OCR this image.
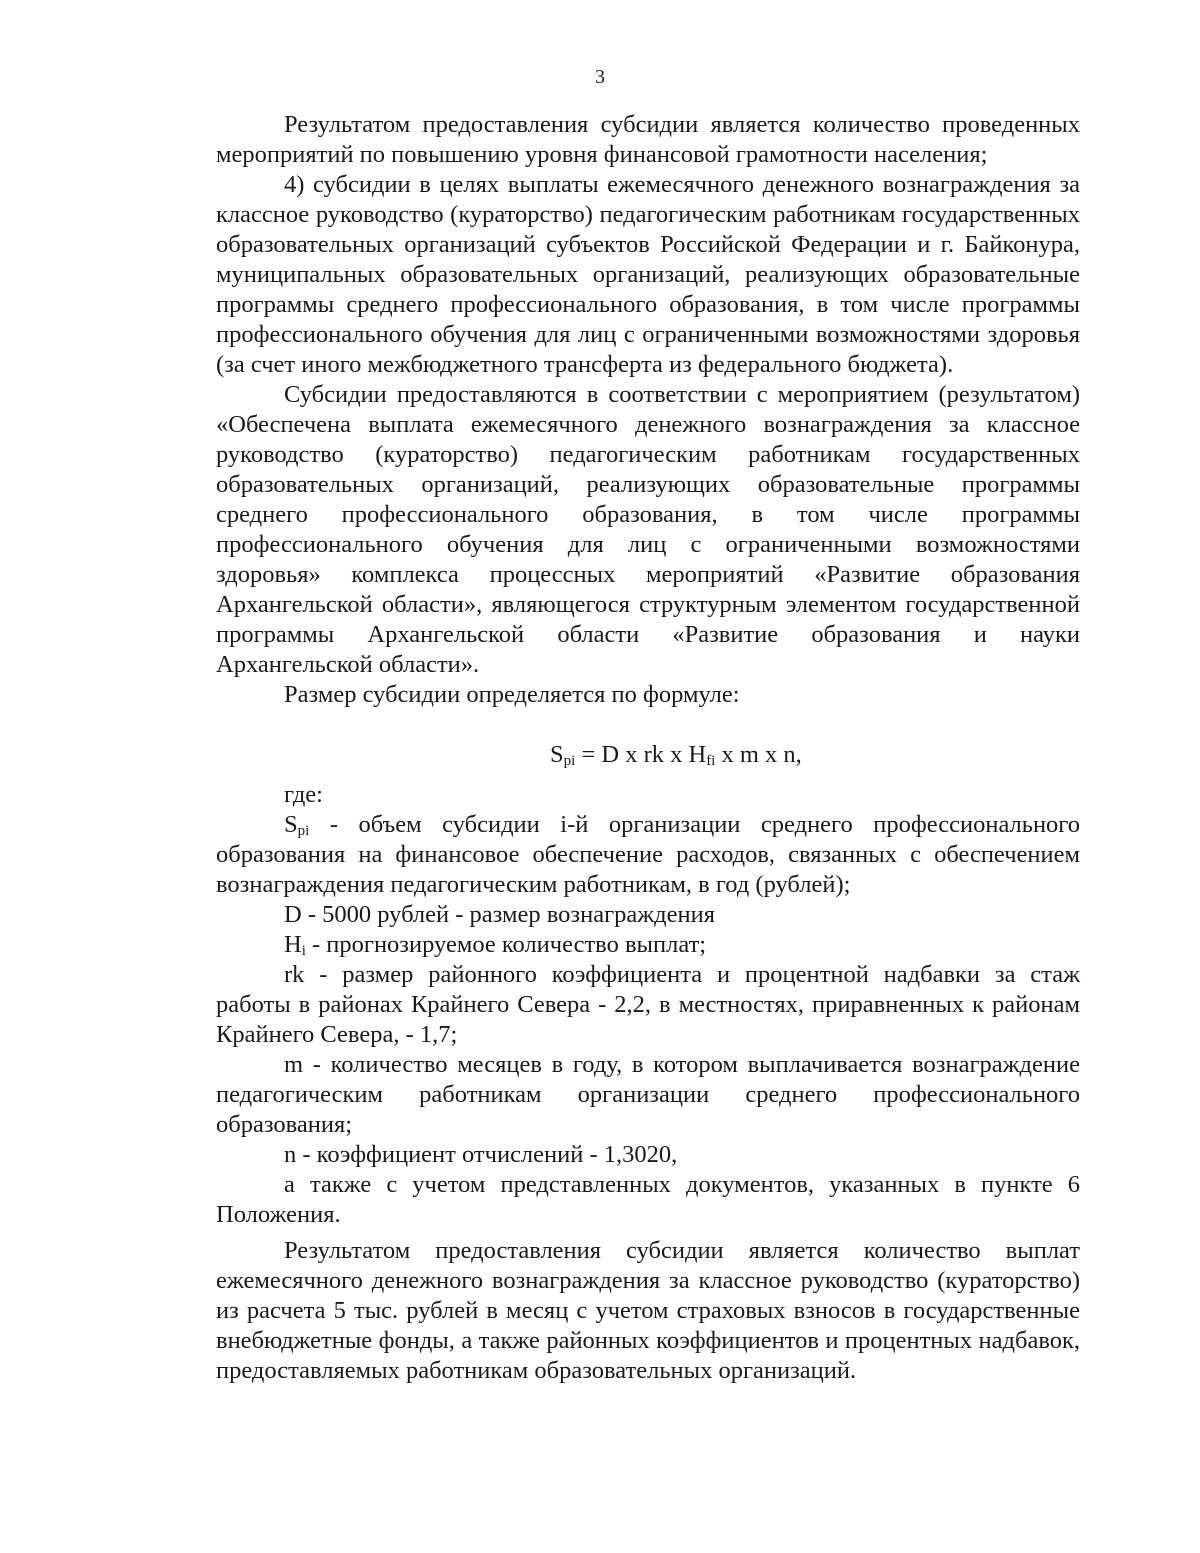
3

Результатом предоставления субсидии является количество проведенных мероприятий по повышению уровня финансовой грамотности населения;

4) субсидии в целях выплаты ежемесячного денежного вознаграждения за классное руководство (кураторство) педагогическим работникам государственных образовательных организаций субъектов Российской Федерации и г. Байконура, муниципальных образовательных организаций, реализующих образовательные программы среднего профессионального образования, в том числе программы профессионального обучения для лиц с ограниченными возможностями здоровья (за счет иного межбюджетного трансферта из федерального бюджета).

Субсидии предоставляются в соответствии с мероприятием (результатом) «Обеспечена выплата ежемесячного денежного вознаграждения за классное руководство (кураторство) педагогическим работникам государственных образовательных организаций, реализующих образовательные программы среднего профессионального образования, в том числе программы профессионального обучения для лиц с ограниченными возможностями здоровья» комплекса процессных мероприятий «Развитие образования Архангельской области», являющегося структурным элементом государственной программы Архангельской области «Развитие образования и науки Архангельской области».

Размер субсидии определяется по формуле:

$S_{pi} = D$ x rk x $H_{fi}$ x m x n,

где:

$S_{pi}$ - объем субсидии i-й организации среднего профессионального образования на финансовое обеспечение расходов, связанных с обеспечением вознаграждения педагогическим работникам, в год (рублей);

D - 5000 рублей - размер вознаграждения

$H_i$ - прогнозируемое количество выплат;

rk - размер районного коэффициента и процентной надбавки за стаж работы в районах Крайнего Севера - 2,2, в местностях, приравненных к районам Крайнего Севера, - 1,7;

m - количество месяцев в году, в котором выплачивается вознаграждение педагогическим работникам организации среднего профессионального образования;

n - коэффициент отчислений - 1,3020,

а также с учетом представленных документов, указанных в пункте 6 Положения.

Результатом предоставления субсидии является количество выплат ежемесячного денежного вознаграждения за классное руководство (кураторство) из расчета 5 тыс. рублей в месяц с учетом страховых взносов в государственные внебюджетные фонды, а также районных коэффициентов и процентных надбавок, предоставляемых работникам образовательных организаций.
